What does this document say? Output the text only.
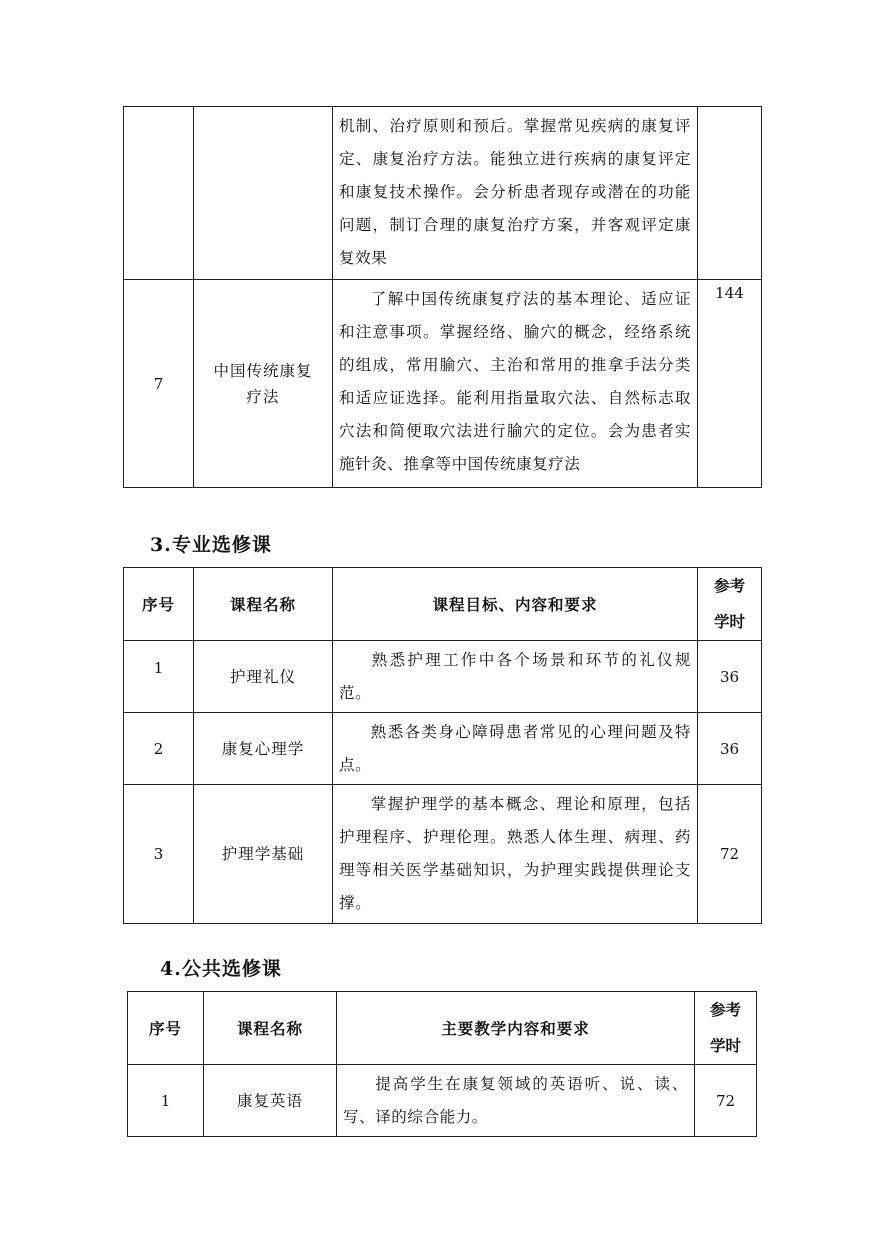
		机制、治疗原则和预后。掌握常见疾病的康复评定、康复治疗方法。能独立进行疾病的康复评定和康复技术操作。会分析患者现存或潜在的功能问题，制订合理的康复治疗方案，并客观评定康复效果	
7	中国传统康复疗法	了解中国传统康复疗法的基本理论、适应证和注意事项。掌握经络、腧穴的概念，经络系统的组成，常用腧穴、主治和常用的推拿手法分类和适应证选择。能利用指量取穴法、自然标志取穴法和简便取穴法进行腧穴的定位。会为患者实施针灸、推拿等中国传统康复疗法	144
3.专业选修课
序号	课程名称	课程目标、内容和要求	参考
学时
1	护理礼仪	熟悉护理工作中各个场景和环节的礼仪规范。	36
2	康复心理学	熟悉各类身心障碍患者常见的心理问题及特点。	36
3	护理学基础	掌握护理学的基本概念、理论和原理，包括护理程序、护理伦理。熟悉人体生理、病理、药理等相关医学基础知识，为护理实践提供理论支撑。	72
4.公共选修课
序号	课程名称	主要教学内容和要求	参考
学时
1	康复英语	提高学生在康复领域的英语听、说、读、写、译的综合能力。	72
